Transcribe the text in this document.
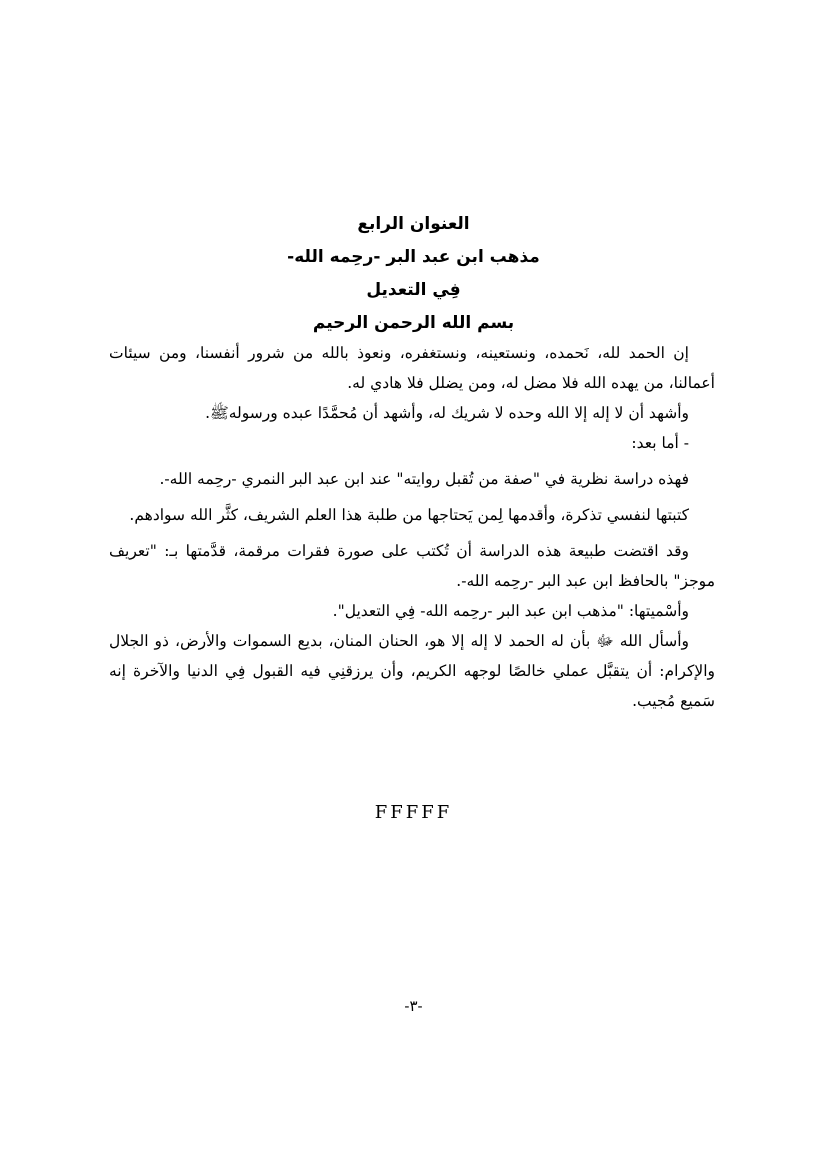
العنوان الرابع

مذهب ابن عبد البر -رحِمه الله-

فِي التعديل

بسم الله الرحمن الرحيم

إن الحمد لله، نَحمده، ونستعينه، ونستغفره، ونعوذ بالله من شرور أنفسنا، ومن سيئات أعمالنا، من يهده الله فلا مضل له، ومن يضلل فلا هادي له.

وأشهد أن لا إله إلا الله وحده لا شريك له، وأشهد أن مُحمَّدًا عبده ورسولهﷺ.

- أما بعد:

فهذه دراسة نظرية في "صفة من تُقبل روايته" عند ابن عبد البر النمري -رحِمه الله-.

كتبتها لنفسي تذكرة، وأقدمها لِمن يَحتاجها من طلبة هذا العلم الشريف، كثَّر الله سوادهم.

وقد اقتضت طبيعة هذه الدراسة أن تُكتب على صورة فقرات مرقمة، قدَّمتها بـ: "تعريف موجز" بالحافظ ابن عبد البر -رحِمه الله-.

وأسْميتها: "مذهب ابن عبد البر -رحِمه الله- فِي التعديل".

وأسأل الله ﷻ بأن له الحمد لا إله إلا هو، الحنان المنان، بديع السموات والأرض، ذو الجلال والإكرام: أن يتقبَّل عملي خالصًا لوجهه الكريم، وأن يرزقنِي فيه القبول فِي الدنيا والآخرة إنه سَميع مُجيب.

FFFFF
-٣-
